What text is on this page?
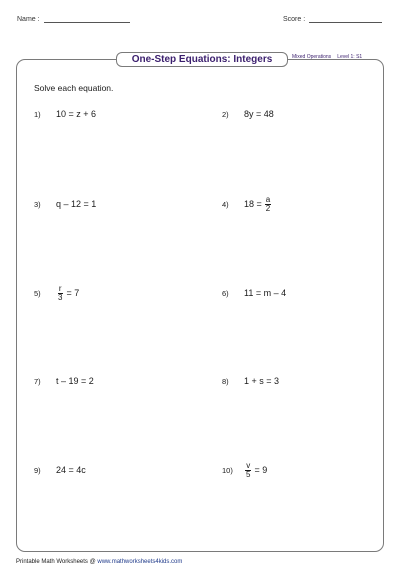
Name :	Score :
One-Step Equations: Integers	Mixed Operations Level 1: S1
Solve each equation.
1)	10 = z + 6	2)	8y = 48
3)	q – 12 = 1	4)	$18 = \frac{a}{2}$
5)	$\frac{r}{3} = 7$	6)	11 = m – 4
7)	t – 19 = 2	8)	1 + s = 3
9)	24 = 4c	10)	$\frac{v}{5} = 9$
Printable Math Worksheets @ www.mathworksheets4kids.com
